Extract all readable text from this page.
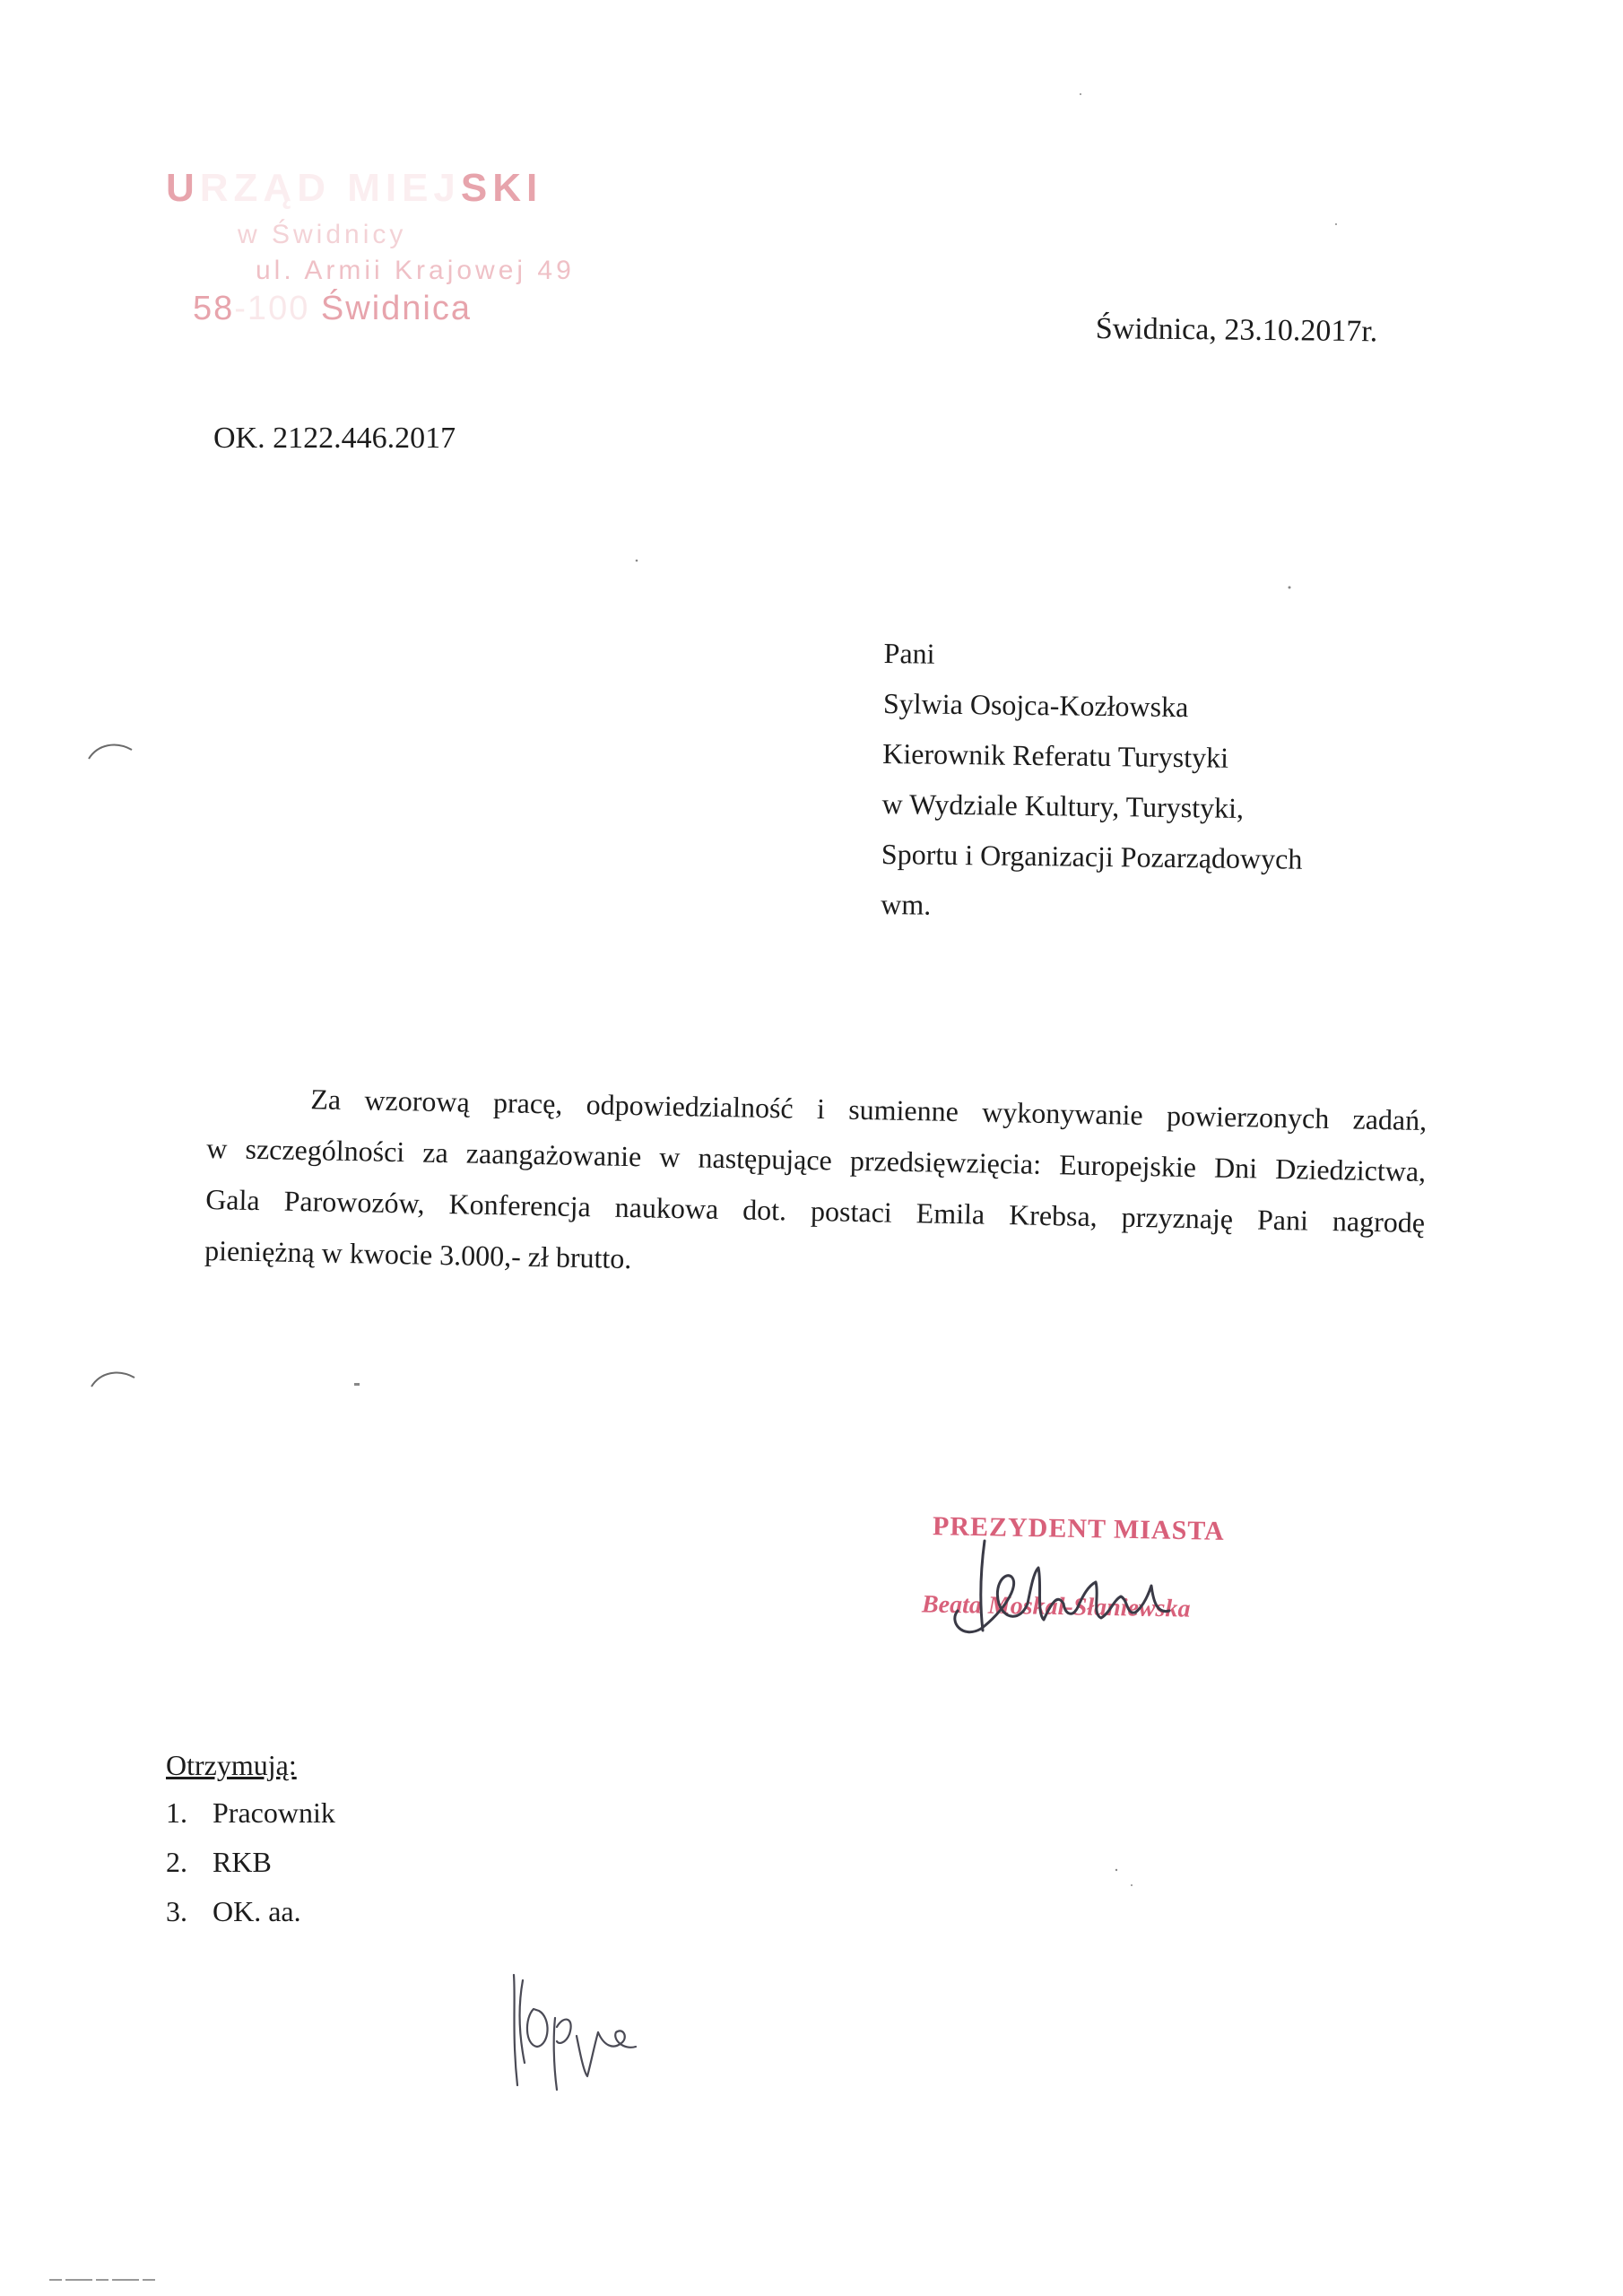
URZĄD MIEJSKI
w Świdnicy
ul. Armii Krajowej 49
58-100 Świdnica
Świdnica, 23.10.2017r.
OK. 2122.446.2017
Pani
Sylwia Osojca-Kozłowska
Kierownik Referatu Turystyki
w Wydziale Kultury, Turystyki,
Sportu i Organizacji Pozarządowych
wm.
Za wzorową pracę, odpowiedzialność i sumienne wykonywanie powierzonych zadań,
w szczególności za zaangażowanie w następujące przedsięwzięcia: Europejskie Dni Dziedzictwa,
Gala Parowozów, Konferencja naukowa dot. postaci Emila Krebsa, przyznaję Pani nagrodę
pieniężną w kwocie 3.000,- zł brutto.
PREZYDENT MIASTA
Beata Moskal-Słaniewska
Otrzymują:
1. Pracownik
2. RKB
3. OK. aa.
